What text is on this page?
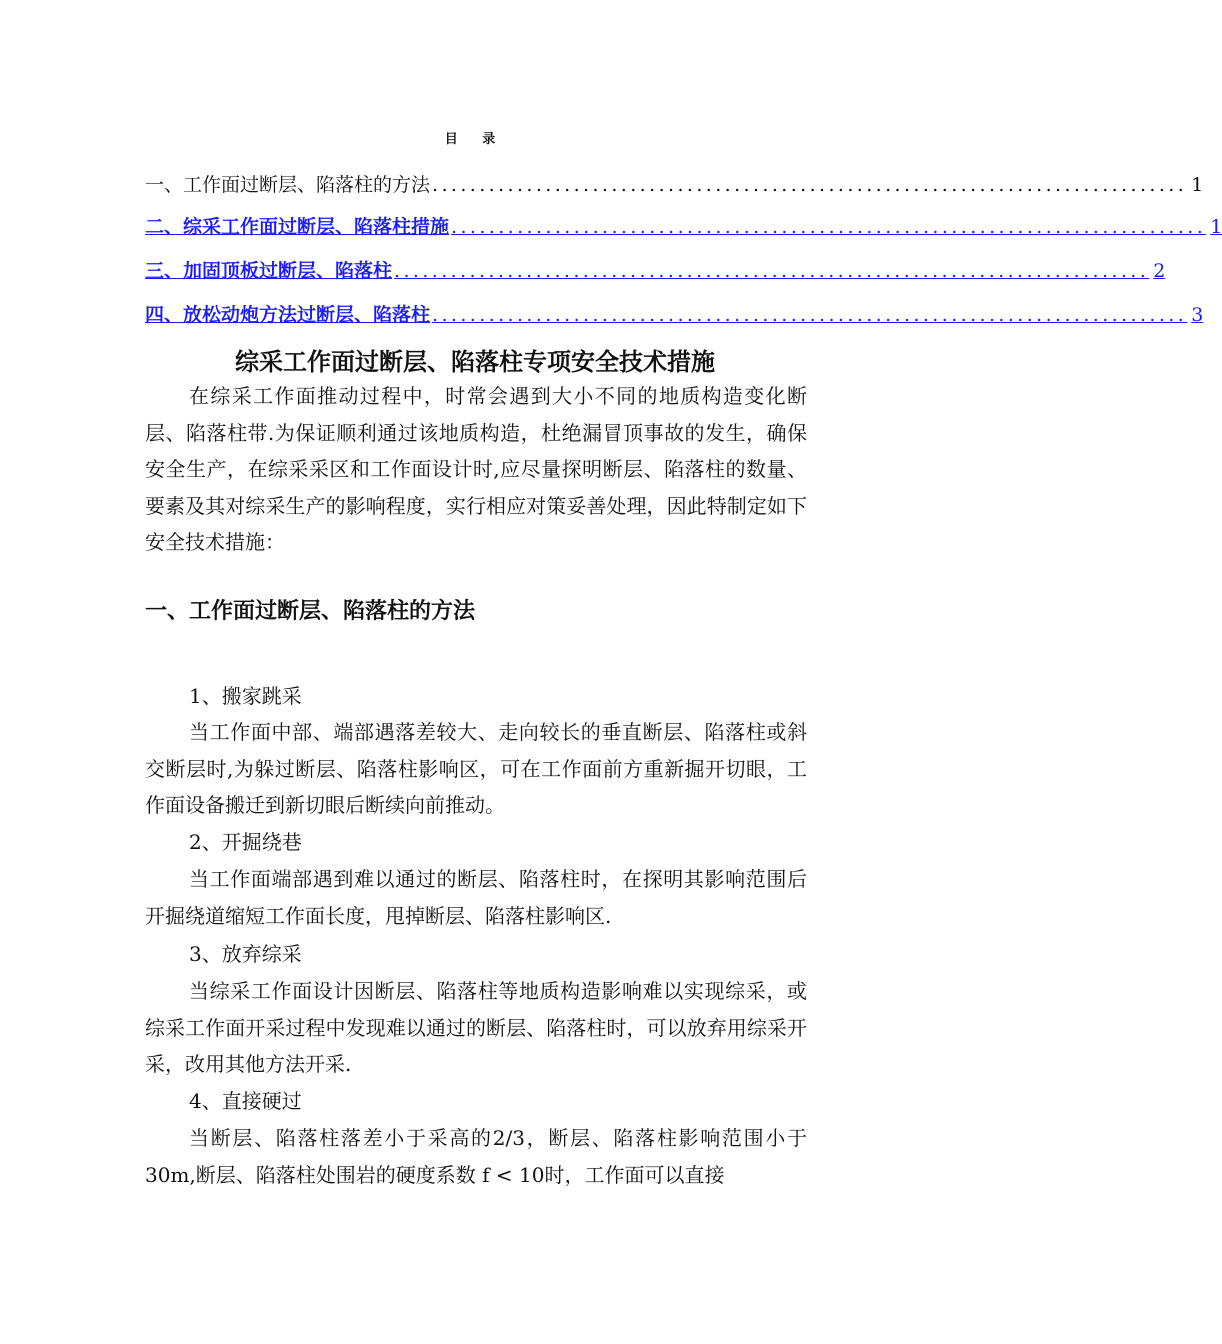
目 录
一、工作面过断层、陷落柱的方法 ................................................................................ 1
二、综采工作面过断层、陷落柱措施 ................................................................................ 1
三、加固顶板过断层、陷落柱 ................................................................................ 2
四、放松动炮方法过断层、陷落柱 ................................................................................ 3
综采工作面过断层、陷落柱专项安全技术措施

在综采工作面推动过程中，时常会遇到大小不同的地质构造变化断层、陷落柱带.为保证顺利通过该地质构造，杜绝漏冒顶事故的发生，确保安全生产，在综采采区和工作面设计时,应尽量探明断层、陷落柱的数量、要素及其对综采生产的影响程度，实行相应对策妥善处理，因此特制定如下安全技术措施：

一、工作面过断层、陷落柱的方法
1、搬家跳采

当工作面中部、端部遇落差较大、走向较长的垂直断层、陷落柱或斜交断层时,为躲过断层、陷落柱影响区，可在工作面前方重新掘开切眼，工作面设备搬迁到新切眼后断续向前推动。

2、开掘绕巷

当工作面端部遇到难以通过的断层、陷落柱时，在探明其影响范围后　开掘绕道缩短工作面长度，甩掉断层、陷落柱影响区.

3、放弃综采

当综采工作面设计因断层、陷落柱等地质构造影响难以实现综采，或综采工作面开采过程中发现难以通过的断层、陷落柱时，可以放弃用综采开采，改用其他方法开采.

4、直接硬过

当断层、陷落柱落差小于采高的2/3，断层、陷落柱影响范围小于30m,断层、陷落柱处围岩的硬度系数 f < 10时，工作面可以直接
